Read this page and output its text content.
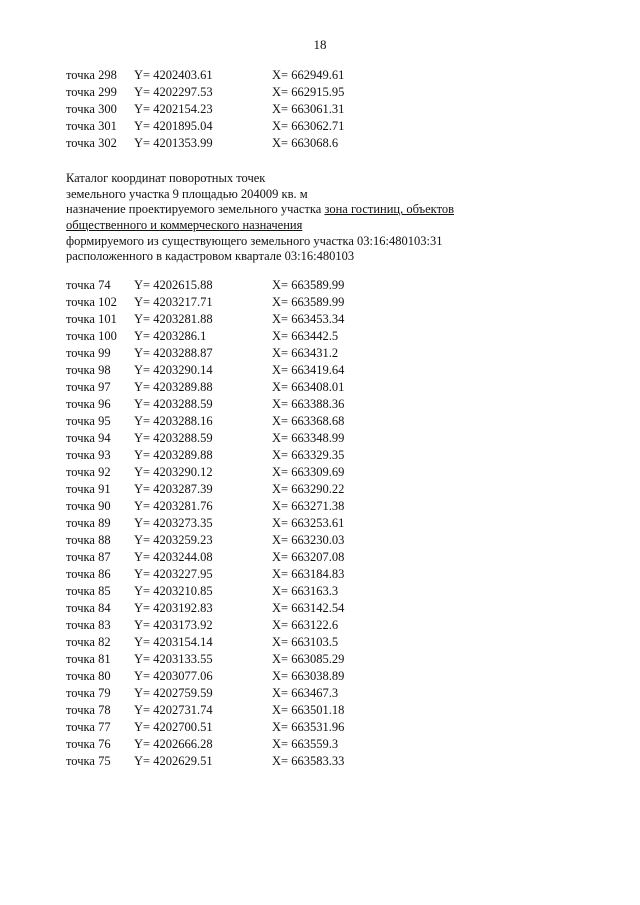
18
точка 298 Y= 4202403.61	X= 662949.61
точка 299 Y= 4202297.53	X= 662915.95
точка 300 Y= 4202154.23	X= 663061.31
точка 301 Y= 4201895.04	X= 663062.71
точка 302 Y= 4201353.99	X= 663068.6
Каталог координат поворотных точек
земельного участка 9 площадью 204009 кв. м
назначение проектируемого земельного участка зона гостиниц, объектов
общественного и коммерческого назначения
формируемого из существующего земельного участка 03:16:480103:31
расположенного в кадастровом квартале 03:16:480103
точка 74 Y= 4202615.88	X= 663589.99
точка 102 Y= 4203217.71	X= 663589.99
точка 101 Y= 4203281.88	X= 663453.34
точка 100 Y= 4203286.1	X= 663442.5
точка 99 Y= 4203288.87	X= 663431.2
точка 98 Y= 4203290.14	X= 663419.64
точка 97 Y= 4203289.88	X= 663408.01
точка 96 Y= 4203288.59	X= 663388.36
точка 95 Y= 4203288.16	X= 663368.68
точка 94 Y= 4203288.59	X= 663348.99
точка 93 Y= 4203289.88	X= 663329.35
точка 92 Y= 4203290.12	X= 663309.69
точка 91 Y= 4203287.39	X= 663290.22
точка 90 Y= 4203281.76	X= 663271.38
точка 89 Y= 4203273.35	X= 663253.61
точка 88 Y= 4203259.23	X= 663230.03
точка 87 Y= 4203244.08	X= 663207.08
точка 86 Y= 4203227.95	X= 663184.83
точка 85 Y= 4203210.85	X= 663163.3
точка 84 Y= 4203192.83	X= 663142.54
точка 83 Y= 4203173.92	X= 663122.6
точка 82 Y= 4203154.14	X= 663103.5
точка 81 Y= 4203133.55	X= 663085.29
точка 80 Y= 4203077.06	X= 663038.89
точка 79 Y= 4202759.59	X= 663467.3
точка 78 Y= 4202731.74	X= 663501.18
точка 77 Y= 4202700.51	X= 663531.96
точка 76 Y= 4202666.28	X= 663559.3
точка 75 Y= 4202629.51	X= 663583.33
